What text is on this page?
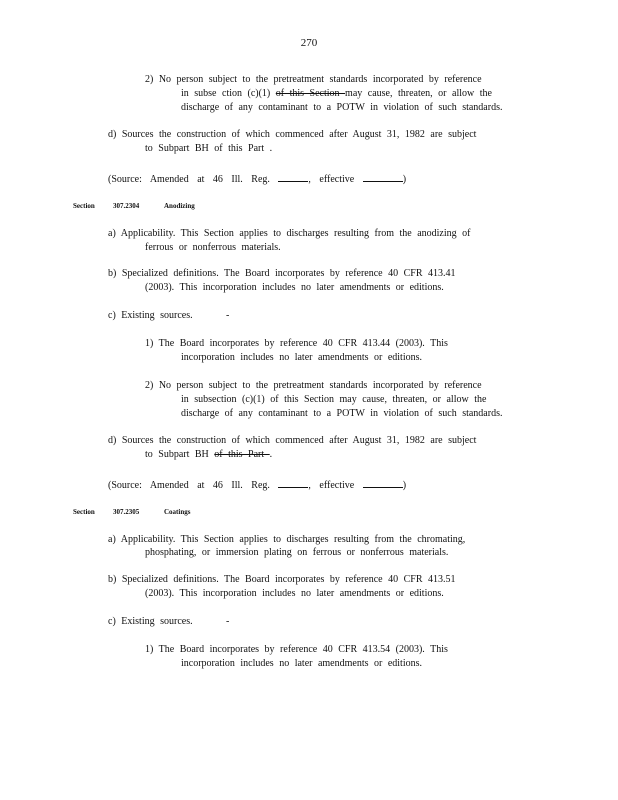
270
2) No person subject to the pretreatment standards incorporated by reference
in subse ction (c)(1) of this Section may cause, threaten, or allow the
discharge of any contaminant to a POTW in violation of such standards.
d) Sources the construction of which commenced after August 31, 1982 are subject
to Subpart BH of this Part .
(Source: Amended at 46 Ill. Reg.	, effective	)
Section	307.2304	Anodizing
a) Applicability. This Section applies to discharges resulting from the anodizing of
ferrous or nonferrous materials.
b) Specialized definitions. The Board incorporates by reference 40 CFR 413.41
(2003). This incorporation includes no later amendments or editions.
c) Existing sources.	-
1) The Board incorporates by reference 40 CFR 413.44 (2003). This
incorporation includes no later amendments or editions.
2) No person subject to the pretreatment standards incorporated by reference
in subsection (c)(1) of this Section may cause, threaten, or allow the
discharge of any contaminant to a POTW in violation of such standards.
d) Sources the construction of which commenced after August 31, 1982 are subject
to Subpart BH of this Part .
(Source: Amended at 46 Ill. Reg.	, effective	)
Section	307.2305	Coatings
a) Applicability. This Section applies to discharges resulting from the chromating,
phosphating, or immersion plating on ferrous or nonferrous materials.
b) Specialized definitions. The Board incorporates by reference 40 CFR 413.51
(2003). This incorporation includes no later amendments or editions.
c) Existing sources.	-
1) The Board incorporates by reference 40 CFR 413.54 (2003). This
incorporation includes no later amendments or editions.
